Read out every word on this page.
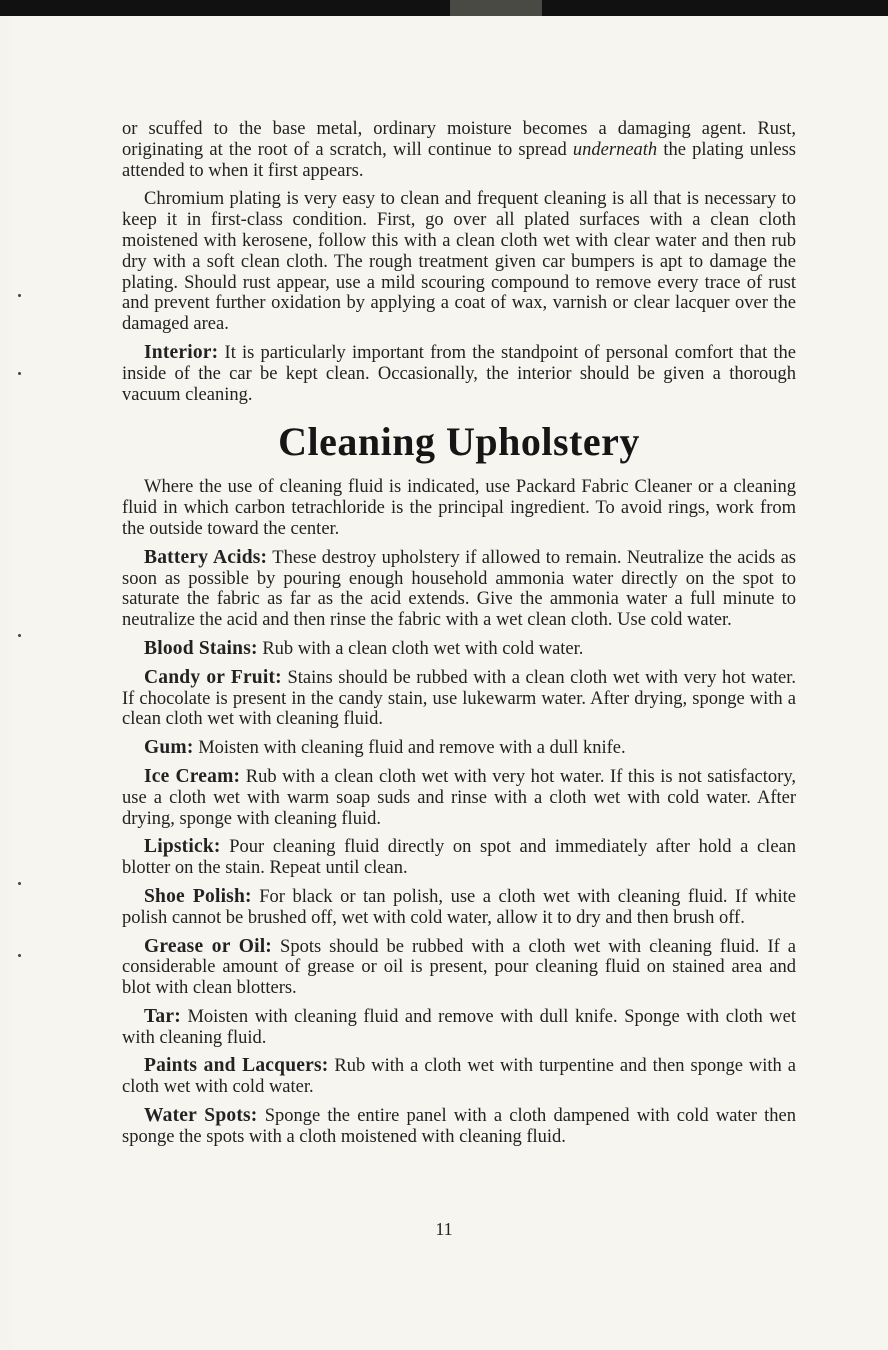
or scuffed to the base metal, ordinary moisture becomes a damaging agent. Rust, originating at the root of a scratch, will continue to spread underneath the plating unless attended to when it first appears.

Chromium plating is very easy to clean and frequent cleaning is all that is necessary to keep it in first-class condition. First, go over all plated surfaces with a clean cloth moistened with kerosene, follow this with a clean cloth wet with clear water and then rub dry with a soft clean cloth. The rough treatment given car bumpers is apt to damage the plating. Should rust appear, use a mild scouring compound to remove every trace of rust and prevent further oxidation by applying a coat of wax, varnish or clear lacquer over the damaged area.

Interior: It is particularly important from the standpoint of personal comfort that the inside of the car be kept clean. Occasionally, the interior should be given a thorough vacuum cleaning.

Cleaning Upholstery

Where the use of cleaning fluid is indicated, use Packard Fabric Cleaner or a cleaning fluid in which carbon tetrachloride is the principal ingredient. To avoid rings, work from the outside toward the center.

Battery Acids: These destroy upholstery if allowed to remain. Neutralize the acids as soon as possible by pouring enough household ammonia water directly on the spot to saturate the fabric as far as the acid extends. Give the ammonia water a full minute to neutralize the acid and then rinse the fabric with a wet clean cloth. Use cold water.

Blood Stains: Rub with a clean cloth wet with cold water.

Candy or Fruit: Stains should be rubbed with a clean cloth wet with very hot water. If chocolate is present in the candy stain, use lukewarm water. After drying, sponge with a clean cloth wet with cleaning fluid.

Gum: Moisten with cleaning fluid and remove with a dull knife.

Ice Cream: Rub with a clean cloth wet with very hot water. If this is not satisfactory, use a cloth wet with warm soap suds and rinse with a cloth wet with cold water. After drying, sponge with cleaning fluid.

Lipstick: Pour cleaning fluid directly on spot and immediately after hold a clean blotter on the stain. Repeat until clean.

Shoe Polish: For black or tan polish, use a cloth wet with cleaning fluid. If white polish cannot be brushed off, wet with cold water, allow it to dry and then brush off.

Grease or Oil: Spots should be rubbed with a cloth wet with cleaning fluid. If a considerable amount of grease or oil is present, pour cleaning fluid on stained area and blot with clean blotters.

Tar: Moisten with cleaning fluid and remove with dull knife. Sponge with cloth wet with cleaning fluid.

Paints and Lacquers: Rub with a cloth wet with turpentine and then sponge with a cloth wet with cold water.

Water Spots: Sponge the entire panel with a cloth dampened with cold water then sponge the spots with a cloth moistened with cleaning fluid.

11
